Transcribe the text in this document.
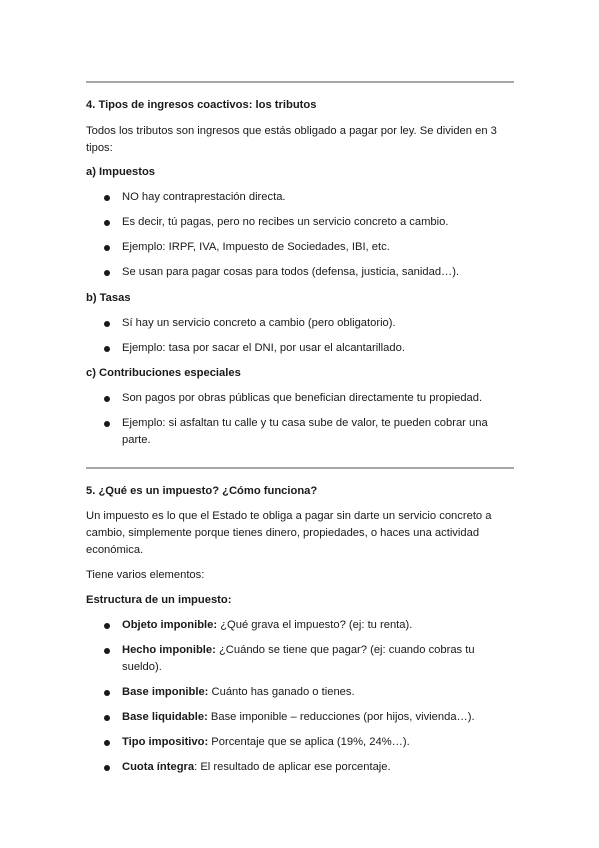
4. Tipos de ingresos coactivos: los tributos
Todos los tributos son ingresos que estás obligado a pagar por ley. Se dividen en 3
tipos:
a) Impuestos
NO hay contraprestación directa.
Es decir, tú pagas, pero no recibes un servicio concreto a cambio.
Ejemplo: IRPF, IVA, Impuesto de Sociedades, IBI, etc.
Se usan para pagar cosas para todos (defensa, justicia, sanidad…).
b) Tasas
Sí hay un servicio concreto a cambio (pero obligatorio).
Ejemplo: tasa por sacar el DNI, por usar el alcantarillado.
c) Contribuciones especiales
Son pagos por obras públicas que benefician directamente tu propiedad.
Ejemplo: si asfaltan tu calle y tu casa sube de valor, te pueden cobrar una
parte.
5. ¿Qué es un impuesto? ¿Cómo funciona?
Un impuesto es lo que el Estado te obliga a pagar sin darte un servicio concreto a
cambio, simplemente porque tienes dinero, propiedades, o haces una actividad
económica.
Tiene varios elementos:
Estructura de un impuesto:
Objeto imponible: ¿Qué grava el impuesto? (ej: tu renta).
Hecho imponible: ¿Cuándo se tiene que pagar? (ej: cuando cobras tu
sueldo).
Base imponible: Cuánto has ganado o tienes.
Base liquidable: Base imponible – reducciones (por hijos, vivienda…).
Tipo impositivo: Porcentaje que se aplica (19%, 24%…).
Cuota íntegra: El resultado de aplicar ese porcentaje.
